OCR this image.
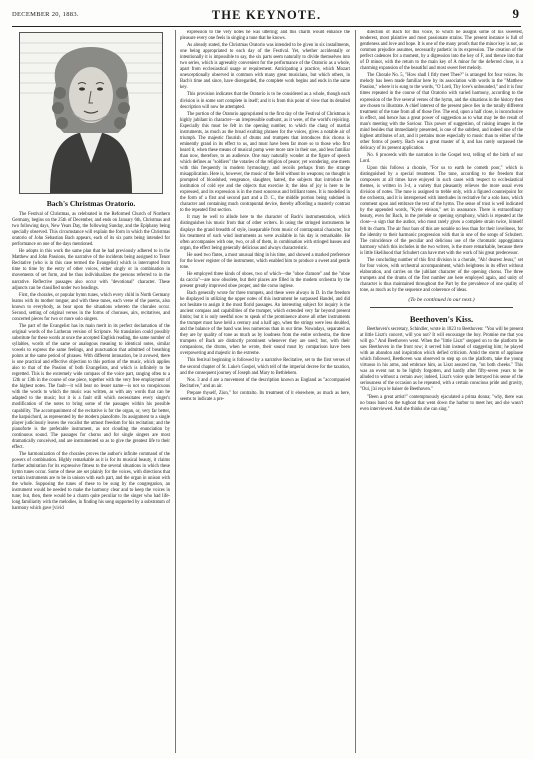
DECEMBER 20, 1883.	THE KEYNOTE.	9
Bach's Christmas Oratorio.

The Festival of Christmas, as celebrated in the Reformed Church of Northern Germany, begins on the 25th of December, and ends on January 6th, Christmas and two following days, New Years Day, the following Sunday, and the Epiphany being specially observed. This circumstance will explain the form in which the Christmas oratorio of John Sebastian Bach appears, each of its six parts being intended for performance on one of the days mentioned.

He adopts in this work the same plan that he had previously adhered to in the Matthew and John Passions, the narrative of the incidents being assigned to Tenor Recitative (who is in this case termed the Evangelist) which is interrupted from time to time by the entry of other voices, either singly or in combination in movements of set form, and be thus individualizes the persons referred to in the narrative. Reflective passages also occur with "devotional" character. These adjuncts can be classified under two headings.

First, the chorales, or popular hymn tunes, which every child in North Germany learns with its mother tongue; and with these tunes, each verse of the poems, also known to everybody, as bear upon the situations whereto the chorales occur. Second, setting of original verses in the forms of choruses, airs, recitatives, and concerted pieces for two or more solo singers.

The part of the Evangelist has its main merit in its perfect declamation of the original words of the Lutheran version of Scripture. No translation could possibly substitute for these words at once the accepted English reading, the same number of syllables, words of the same or analogous meaning to identical notes, similar vowels to express the same feelings, and punctuation that admitted of breathing points at the same period of phrases. With different intonation, be it avowed, there is one practical and effective objection to this portion of the music, which applies also to that of the Passion of both Evangelists, and which is infinitely to be regretted. This is the extremely wide compass of the voice part, ranging often to a 12th or 13th in the course of one piece, together with the very free employment of the highest notes. The fault—it will bear no lesser name—is not so conspicuous with the words to which the music was written, as with any words that can be adapted to the music; but it is a fault still which necessitates every singer's modification of the notes to bring some of the passages within his possible capability. The accompaniment of the recitative is for the organ, or, very far better, the harpsichord, as represented by the modern pianoforte. Its assignment to a single player judiciously leaves the vocalist the utmost freedom for his recitation; and the pianoforte is the preferable instrument, as not clouding the enunciation by continuous sound. The passages for chorus and for single singers are most dramatically conceived, and are instrumented so as to give the greatest life to their effect.

The harmonization of the chorales proves the author's infinite command of the powers of combination. Highly remarkable as it is for its musical beauty, it claims further admiration for its expressive fitness to the several situations in which these hymn tunes occur. Some of these are set plainly for the voices, with directions that certain instruments are to be in unison with each part, and the organ in unison with the whole. Supposing the tunes of these to be sung by the congregation, an instrument would be needed to make the harmony clear and to keep the voices in tune; but, then, there would be a charm quite peculiar to the singer who had life-long familiarity with the melodies, in finding his song supported by a substratum of harmony which gave [vivid

expression to the very notes he was uttering; and this charm would enhance the pleasure every one feels in singing a tune that he knows.

As already stated, the Christmas Oratorio was intended to be given in six installments, one being appropriated to each day of the Festival. Yet, whether accidentally or intentionally it is impossible to say, the six parts seem naturally to divide themselves into two series, which is agreeably convenient for the performance of the Oratorio as a whole, apart from ecclesiastical usage or requirement. Anticipating a practice, which Mozart unexceptionally observed in common with many great musicians, but which others, in Bach's time and since, have disregarded, the complete work begins and ends in the same key.

This provision indicates that the Oratorio is to be considered as a whole, though each division is in some sort complete in itself; and it is from this point of view that its detailed description will now be attempted.

The portion of the Oratorio appropriated to the first day of the Festival of Christmas is highly jubilant in character—an irrepressible outburst, as it were, of the world's rejoicing. Especially this must be felt in the opening number, to which the clang of martial instruments, as much as the broad exulting phrases for the voices, gives a notable air of triumph. The majestic flourish of drums and trumpets that introduces this chorus is eminently grand in its effect to us, and must have been far more so to those who first heard it, when these means of musical pomp were more rare in their use, and less familiar than now, therefore, to an audience. One may naturally wonder at the figure of speech which defines as "soldiers" the votaries of the religion of peace; yet wondering, one meets with this frequently in modern hymnology, and recoils perhaps from the strange misapplication. Here is, however, the music of the field without its weapons; no thought is prompted of bloodshed, vengeance, slaughter, hatred, the subjects that introduce the institution of cold eye and the objects that exercise it; the idea of joy is here to be expressed, and its expression is in the most sonorous and brilliant tones. It is modelled in the form of a first and second part and a D. C., the middle portion being subdued in character and containing much contrapuntal device, thereby affording a masterly contrast to the repeated first section.

It may be well to allude here to the character of Bach's instrumentation, which distinguishes his music from that of other writers. In using the stringed instruments he displays the grand breadth of style, inseparable from music of contrapuntal character, but his treatment of such wind instruments as were available in his day is remarkable. He often accompanies with one, two, or all of them, in combination with stringed basses and organ, the effect being generally delicious and always characteristic.

He used two flutes, a most unusual thing in his time, and showed a marked preference for the lower register of the instrument, which enabled him to produce a sweet and gentle tone.

He employed three kinds of oboes, two of which—the "oboe d'amore" and the "oboe da caccia"—are now obsolete, but their places are filled in the modern orchestra by the present greatly improved oboe proper, and the corno inglese.

Bach generally wrote for three trumpets, and these were always in D. In the freedom he displayed in utilizing the upper notes of this instrument he surpassed Handel, and did not hesitate to assign it the most florid passages. An interesting subject for inquiry is the ancient compass and capabilities of the trumpet, which extended very far beyond present limits; but it is only needful now to speak of the prominence above all other instruments the trumpet must have held a century and a half ago, when the strings were less doubled, and the balance of the band was less numerous than in our time. Nowadays, separated as they are by quality of tone as much as by loudness from the entire orchestra, the three trumpets of Bach are distinctly prominent whenever they are used; but, with their companions, the drums, when he wrote, their sound must by comparison have been overpowering and majestic in the extreme.

This festival beginning is followed by a narrative Recitative, set to the first verses of the second chapter of St. Luke's Gospel, which tell of the imperial decree for the taxation, and the consequent journey of Joseph and Mary to Bethlehem.

Nos. 3 and 4 are a movement of the description known as England as "accompanied Recitative," and an air.

Prepare thyself, Zion," for contralto. Its treatment of it elsewhere, as much as here, seems to indicate a pre-

dilection of Bach for this voice, to which he assigns some of his sweetest, tenderest, most plaintive and most passionate strains. The present instance is full of gentleness and love and hope. It is one of the many proofs that the minor key is not, as common prejudice assumes, necessarily pathetic in its expression. The creation of the perfect cadences for a moment, by a digression into the key of F, and thence into that of D minor, with the return to the main key of A minor for the deferred close, is a charming expansion of the beautiful and most sweet feet melody.

The Chorale No. 5, "How shall I fitly meet Thee?" is arranged for four voices. Its melody has been made familiar here by its association with words in the "Matthew Passion," where it is sung to the words, "O Lord, Thy love's unbounded," and it is four times repeated in the course of that Oratorio with varied harmony, according to the expression of the five several verses of the hymn, and the situations in the history then are chosen to illustrate. A chief interest of the present piece lies in the totally different treatment of the tune from all of those five. The end, upon a half close, is inconclusive in effect, and hence has a great power of suggestion as to what may be the result of man's meeting with the Saviour. This power of suggestion, of raising images in the mind besides that immediately presented, is one of the subtlest, and indeed one of the highest attributes of art, and it pertains more especially to music than to either of the other forms of poetry. Bach was a great master of it, and has rarely surpassed the delicacy of its present application.

No. 6 proceeds with the narration in the Gospel text, telling of the birth of our Lord.

Upon this follows a chorale, "For us to earth he cometh poor," which is distinguished by a special treatment. The tune, according to the freedom that composers at all times have enjoyed in such cases with respect to ecclesiastical themes, is written in 3-4, a variety that pleasantly relieves the more usual even division of notes. The tune is assigned to treble only, with a figured counterpoint for the orchestra, and it is interspersed with interludes in recitative for a solo bass, which comment upon and embrace the text of the hymn. The sense of trust is well indicated by the appended words, "Kyrie eleison," set in assonance. There is extraordinary beauty, even for Bach, in the prelude or opening symphony, which is repeated at the close—a sign that the author, who most rarely gives a complete strain twice, himself felt its charm. The air four bars of this are notable no less than for their loveliness, for the identity to their harmonic progression with that in one of the songs of Schubert. The coincidence of the peculiar and delicious use of the chromatic appoggiatura harmony which this includes in the two writers, is the more remarkable, because there is little likelihood that Schubert can have met with the work of his great predecessor.

The concluding number of this first division is a chorale, "Ah! dearest Jesus," set for four voices, with orchestral accompaniment, which heightens in its effect without elaboration, and carries on the jubilant character of the opening chorus. The three trumpets and the drums of the first number are here employed again, and unity of character is thus maintained throughout the Part by the prevalence of one quality of tone, as much as by the sequence and coherence of ideas.

(To be continued in our next.)
Beethoven's Kiss.

Beethoven's secretary, Schindler, wrote in 1823 to Beethoven: "You will be present at little Liszt's concert, will you not? It will encourage the boy. Promise me that you will go." And Beethoven went. When the "little Liszt" stepped on to the platform he saw Beethoven in the front row; it served him instead of staggering him; he played with an abandon and inspiration which defied criticism. Amid the storm of applause which followed, Beethoven was observed to step up on the platform, take the young virtuoso in his arms, and embrace him, as Liszt assured me, "on both cheeks." This was an event not to be lightly forgotten, and hardly after fifty-seven years to be alluded to without a certain awe; indeed, Liszt's voice quite betrayed his sense of the seriousness of the occasion as he repeated, with a certain conscious pride and gravity, "Oui, j'ai reçu le baiser de Beethoven."

"Been a great artist!" contemptuously ejaculated a prima donna; "why, there was no brass band on the tugboat that went down the harbor to meet her, and she wasn't even interviewed. And she thinks she can sing."
